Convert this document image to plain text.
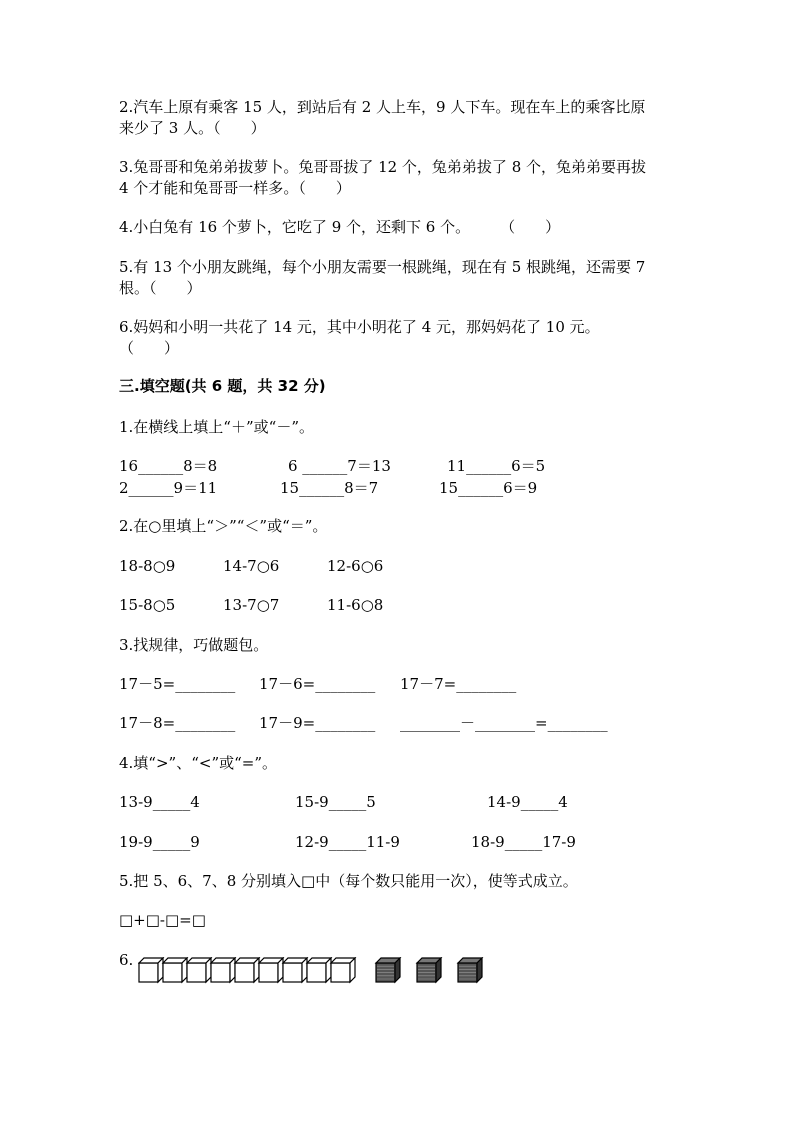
2.汽车上原有乘客 15 人，到站后有 2 人上车，9 人下车。现在车上的乘客比原
来少了 3 人。（　　）
3.兔哥哥和兔弟弟拔萝卜。兔哥哥拔了 12 个，兔弟弟拔了 8 个，兔弟弟要再拔
4 个才能和兔哥哥一样多。（　　）
4.小白兔有 16 个萝卜，它吃了 9 个，还剩下 6 个。　　　（　　）
5.有 13 个小朋友跳绳，每个小朋友需要一根跳绳，现在有 5 根跳绳，还需要 7
根。（　　）
6.妈妈和小明一共花了 14 元，其中小明花了 4 元，那妈妈花了 10 元。
（　　）
三.填空题(共 6 题，共 32 分)
1.在横线上填上“＋”或“－”。
16______8＝8	6 ______7＝13	11______6＝5
2______9＝11	15______8＝7	15______6＝9
2.在○里填上“＞”“＜”或“＝”。
18-8○9	14-7○6	12-6○6
15-8○5	13-7○7	11-6○8
3.找规律，巧做题包。
17－5=________ 17－6=________ 17－7=________
17－8=________ 17－9=________ ________－________=________
4.填“>”、“<”或“=”。
13-9_____4	15-9_____5	14-9_____4
19-9_____9	12-9_____11-9	18-9_____17-9
5.把 5、6、7、8 分别填入□中（每个数只能用一次），使等式成立。
□+□-□=□
6.
